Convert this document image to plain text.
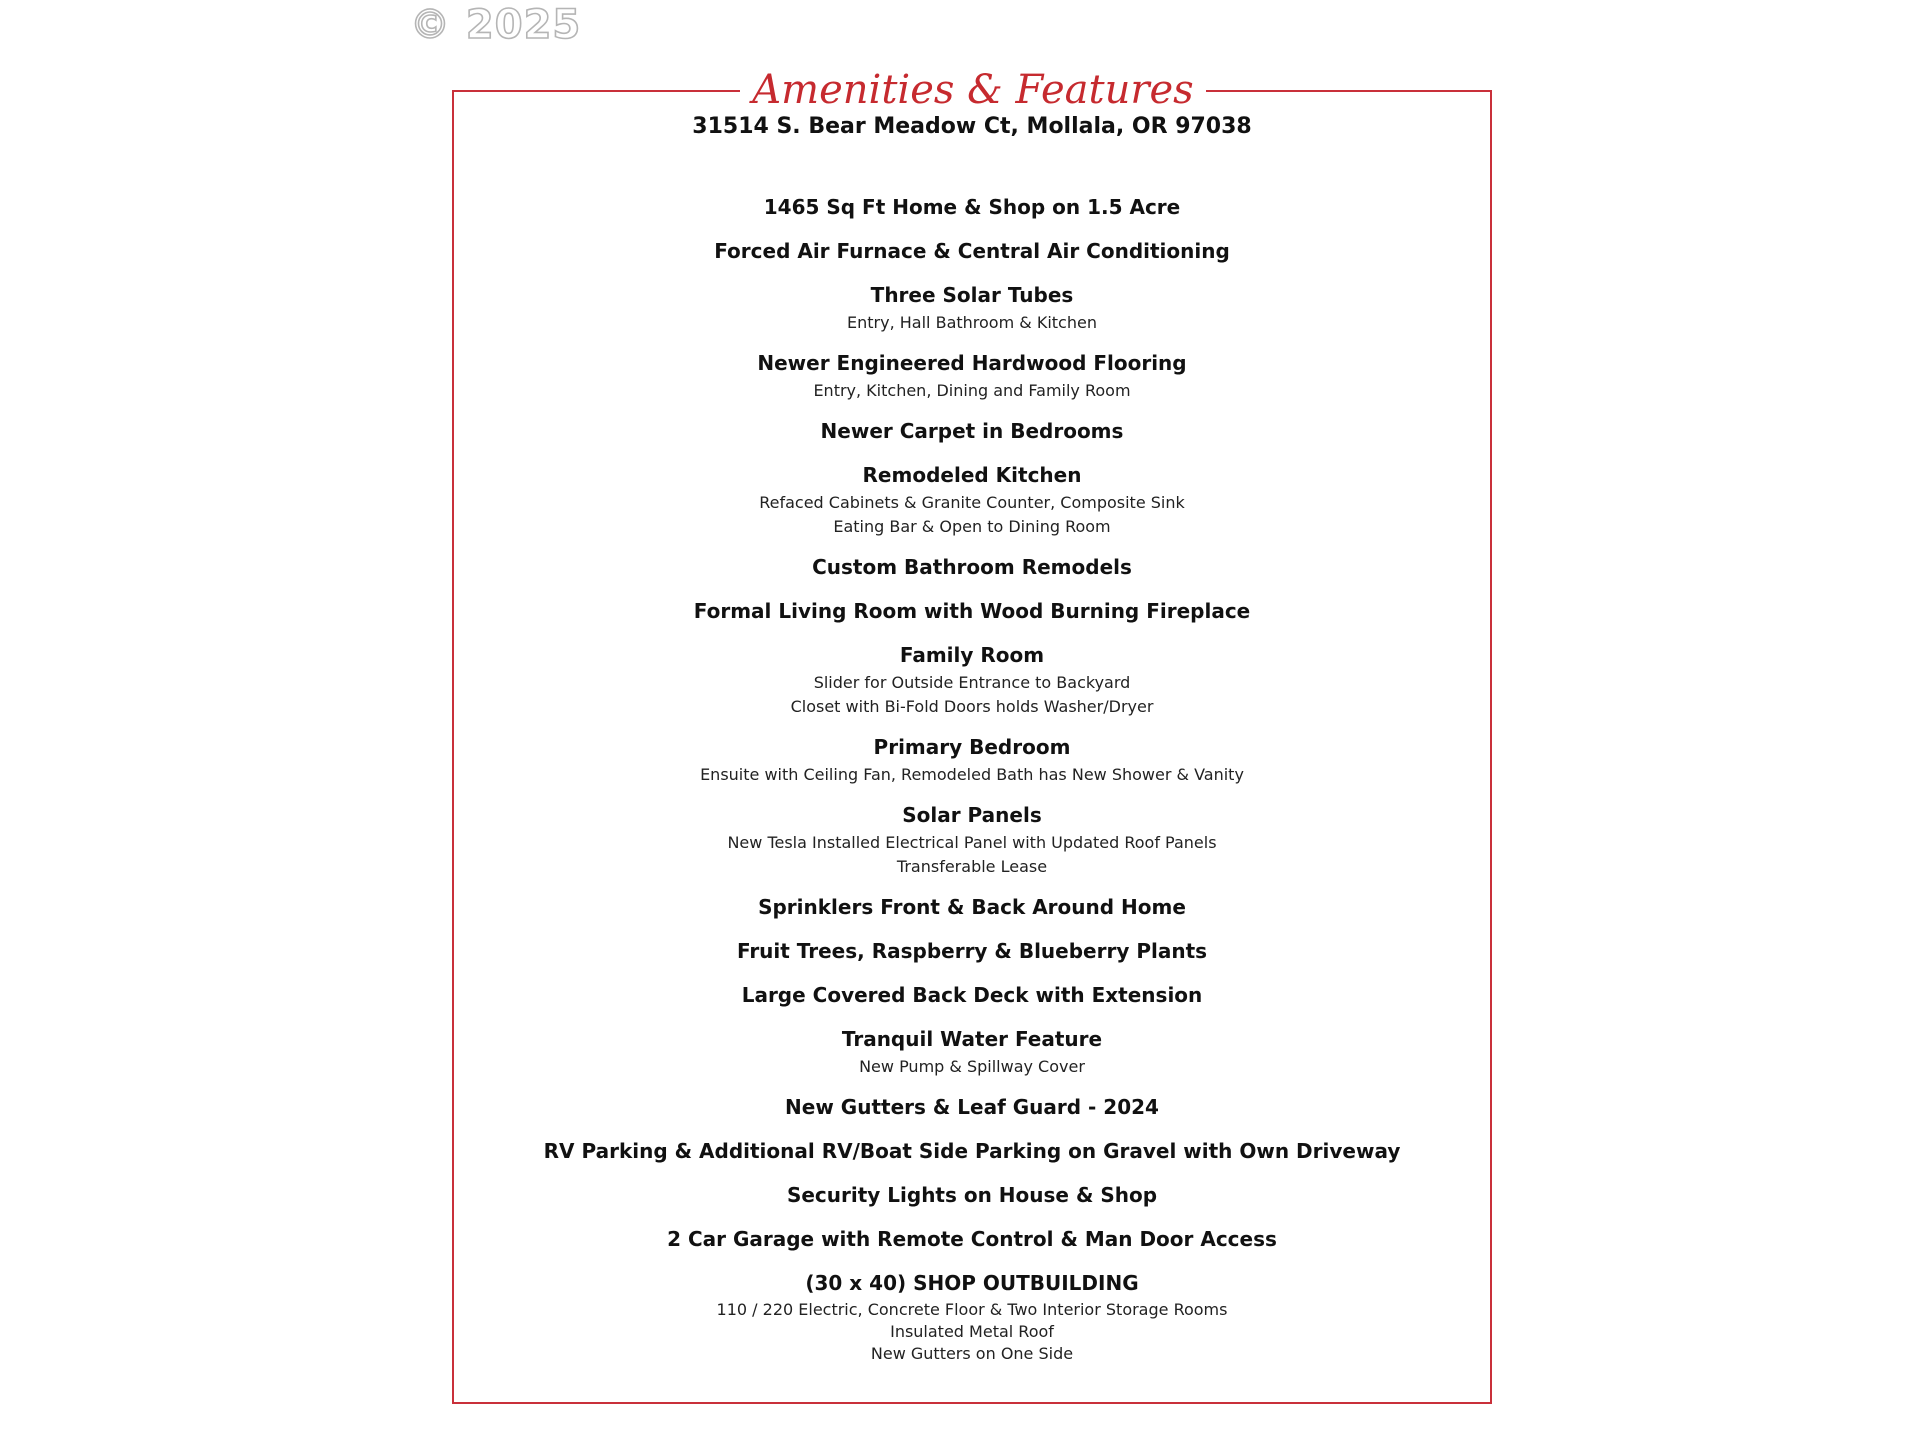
© 2025
Amenities & Features
31514 S. Bear Meadow Ct, Mollala, OR 97038
1465 Sq Ft Home & Shop on 1.5 Acre
Forced Air Furnace & Central Air Conditioning
Three Solar Tubes
Entry, Hall Bathroom & Kitchen
Newer Engineered Hardwood Flooring
Entry, Kitchen, Dining and Family Room
Newer Carpet in Bedrooms
Remodeled Kitchen
Refaced Cabinets & Granite Counter, Composite Sink
Eating Bar & Open to Dining Room
Custom Bathroom Remodels
Formal Living Room with Wood Burning Fireplace
Family Room
Slider for Outside Entrance to Backyard
Closet with Bi-Fold Doors holds Washer/Dryer
Primary Bedroom
Ensuite with Ceiling Fan, Remodeled Bath has New Shower & Vanity
Solar Panels
New Tesla Installed Electrical Panel with Updated Roof Panels
Transferable Lease
Sprinklers Front & Back Around Home
Fruit Trees, Raspberry & Blueberry Plants
Large Covered Back Deck with Extension
Tranquil Water Feature
New Pump & Spillway Cover
New Gutters & Leaf Guard - 2024
RV Parking & Additional RV/Boat Side Parking on Gravel with Own Driveway
Security Lights on House & Shop
2 Car Garage with Remote Control & Man Door Access
(30 x 40) SHOP OUTBUILDING
110 / 220 Electric, Concrete Floor & Two Interior Storage Rooms
Insulated Metal Roof
New Gutters on One Side
